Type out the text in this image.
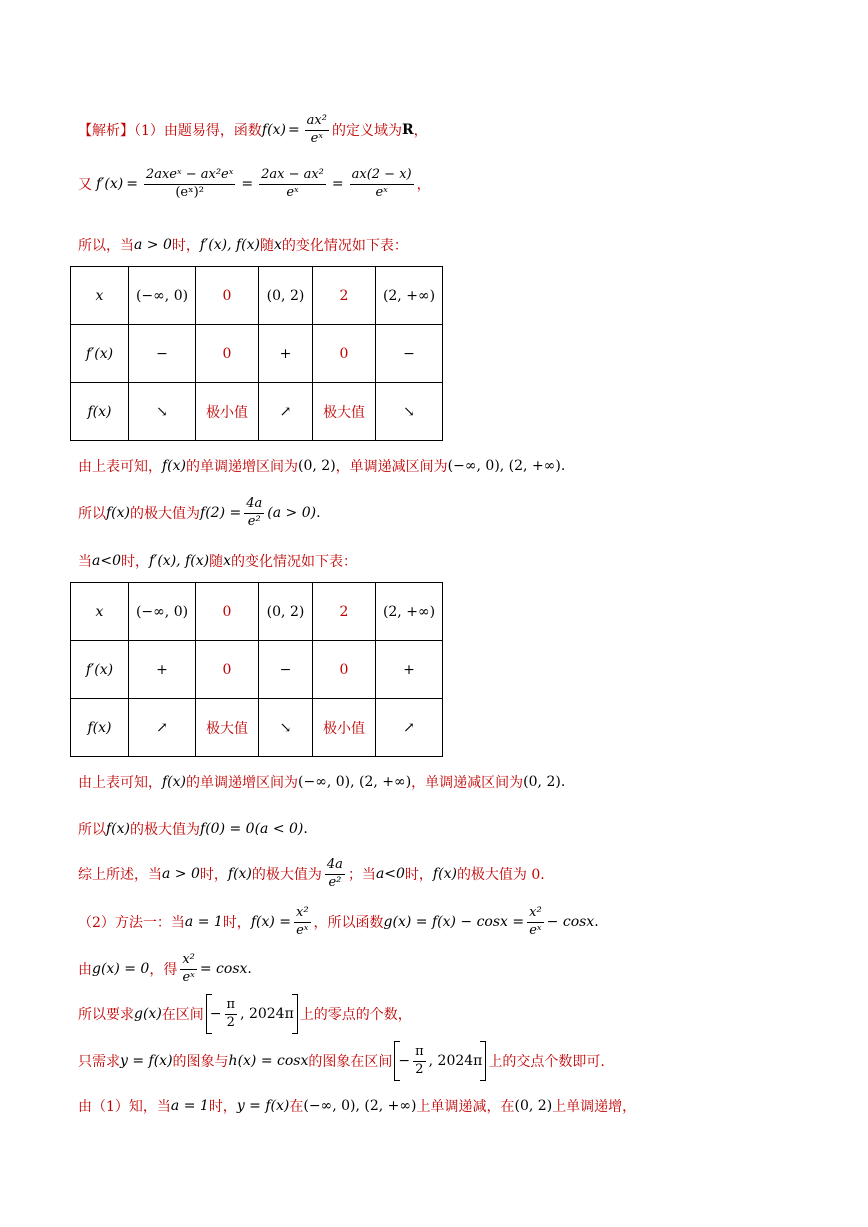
【解析】（1）由题易得，函数 $f(x) = \frac{\text{ax²}}{\text{eˣ}}$ 的定义域为 R ，
又 $f'(x) = \frac{\text{2axeˣ − ax²eˣ}}{\text{(eˣ)²}} = \frac{\text{2ax − ax²}}{\text{eˣ}} = \frac{ax(2 - x)}{\text{eˣ}}$ ，
所以，当 a > 0 时， f′(x), f(x) 随 x 的变化情况如下表：
x	(−∞, 0)	0	(0, 2)	2	(2, +∞)
f′(x)	−	0	+	0	−
f(x)	↘	极小值	↗	极大值	↘
由上表可知， f(x) 的单调递增区间为 (0, 2) ，单调递减区间为 (−∞, 0), (2, +∞) .
所以 f(x) 的极大值为 $f(2) = \frac{4a}{\text{e²}} (a > 0)$ .
当 a<0 时， f′(x), f(x) 随 x 的变化情况如下表：
x	(−∞, 0)	0	(0, 2)	2	(2, +∞)
f′(x)	+	0	−	0	+
f(x)	↗	极大值	↘	极小值	↗
由上表可知， f(x) 的单调递增区间为 (−∞, 0), (2, +∞) ，单调递减区间为 (0, 2) .
所以 f(x) 的极大值为 f(0) = 0(a < 0) .
综上所述，当 a > 0 时， f(x) 的极大值为 $\frac{4a}{\text{e²}}$ ；当 a<0 时， f(x) 的极大值为 0.
（2）方法一：当 a = 1 时， $f(x) = \frac{\text{x²}}{\text{eˣ}}$ ，所以函数 $g(x) = f(x) - \cos x = \frac{\text{x²}}{\text{eˣ}} - \cos x$ .
由 g(x) = 0 ，得 $\frac{\text{x²}}{\text{eˣ}} = \cos x$ .
所以要求 g(x) 在区间 − $\frac{\pi}{2}$ , 2024π 上的零点的个数，
只需求 y = f(x) 的图象与 h(x) = cosx 的图象在区间 − $\frac{\pi}{2}$ , 2024π 上的交点个数即可.
由（1）知，当 a = 1 时， y = f(x) 在 (−∞, 0), (2, +∞) 上单调递减，在 (0, 2) 上单调递增，
